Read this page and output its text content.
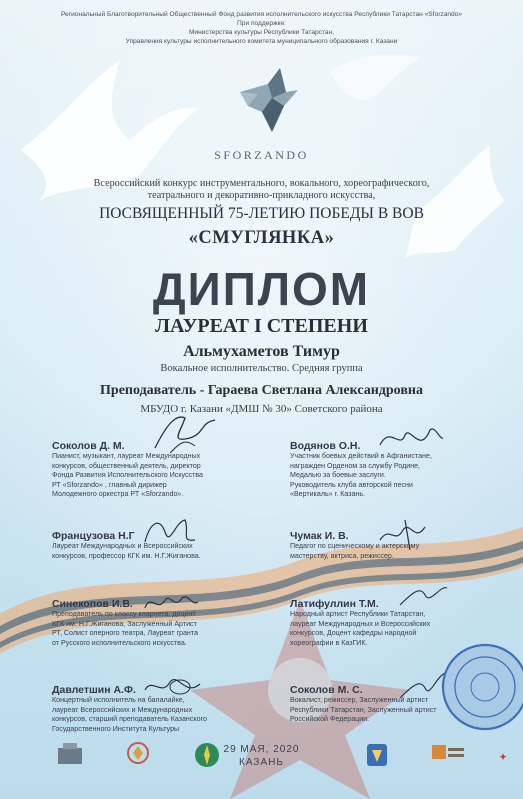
Региональный Благотворительный Общественный Фонд развития исполнительского искусства Республики Татарстан «Sforzando»
При поддержке:
Министерства культуры Республики Татарстан,
Управления культуры исполнительного комитета муниципального образования г. Казани
SFORZANDO
Всероссийский конкурс инструментального, вокального, хореографического,
театрального и декоративно-прикладного искусства,
ПОСВЯЩЕННЫЙ 75-ЛЕТИЮ ПОБЕДЫ В ВОВ
«СМУГЛЯНКА»
ДИПЛОМ
ЛАУРЕАТ I СТЕПЕНИ
Альмухаметов Тимур
Вокальное исполнительство. Средняя группа
Преподаватель - Гараева Светлана Александровна
МБУДО г. Казани «ДМШ № 30» Советского района
Соколов Д. М.
Пианист, музыкант, лауреат Международных
конкурсов, общественный деятель, директор
Фонда Развития Исполнительского Искусства
РТ «Sforzando» , главный дирижер
Молодежного оркестра РТ «Sforzando».
Французова Н.Г
Лауреат Международных и Всероссийских
конкурсов, профессор КГК им. Н.Г.Жиганова.
Синекопов И.В.
Преподаватель по классу кларнета, доцент
КГК им. Н.Г.Жиганова, Заслуженный Артист
РТ, Солист оперного театра, Лауреат гранта
от Русского исполнительского искусства.
Давлетшин А.Ф.
Концертный исполнитель на балалайке,
лауреат Всероссийских и Международных
конкурсов, старший преподаватель Казанского
Государственного Института Культуры
Водянов О.Н.
Участник боевых действий в Афганистане,
награжден Орденом за службу Родине,
Медалью за боевые заслуги.
Руководитель клуба авторской песни
«Вертикаль» г. Казань.
Чумак И. В.
Педагог по сценическому и актерскому
мастерству, актриса, режиссер.
Латифуллин Т.М.
Народный артист Республики Татарстан,
лауреат Международных и Всероссийских
конкурсов, Доцент кафедры народной
хореографии в КазГИК.
Соколов М. С.
Вокалист, режиссер, Заслуженный артист
Республики Татарстан, Заслуженный артист
Российской Федерации.
✦
29 МАЯ, 2020
КАЗАНЬ
